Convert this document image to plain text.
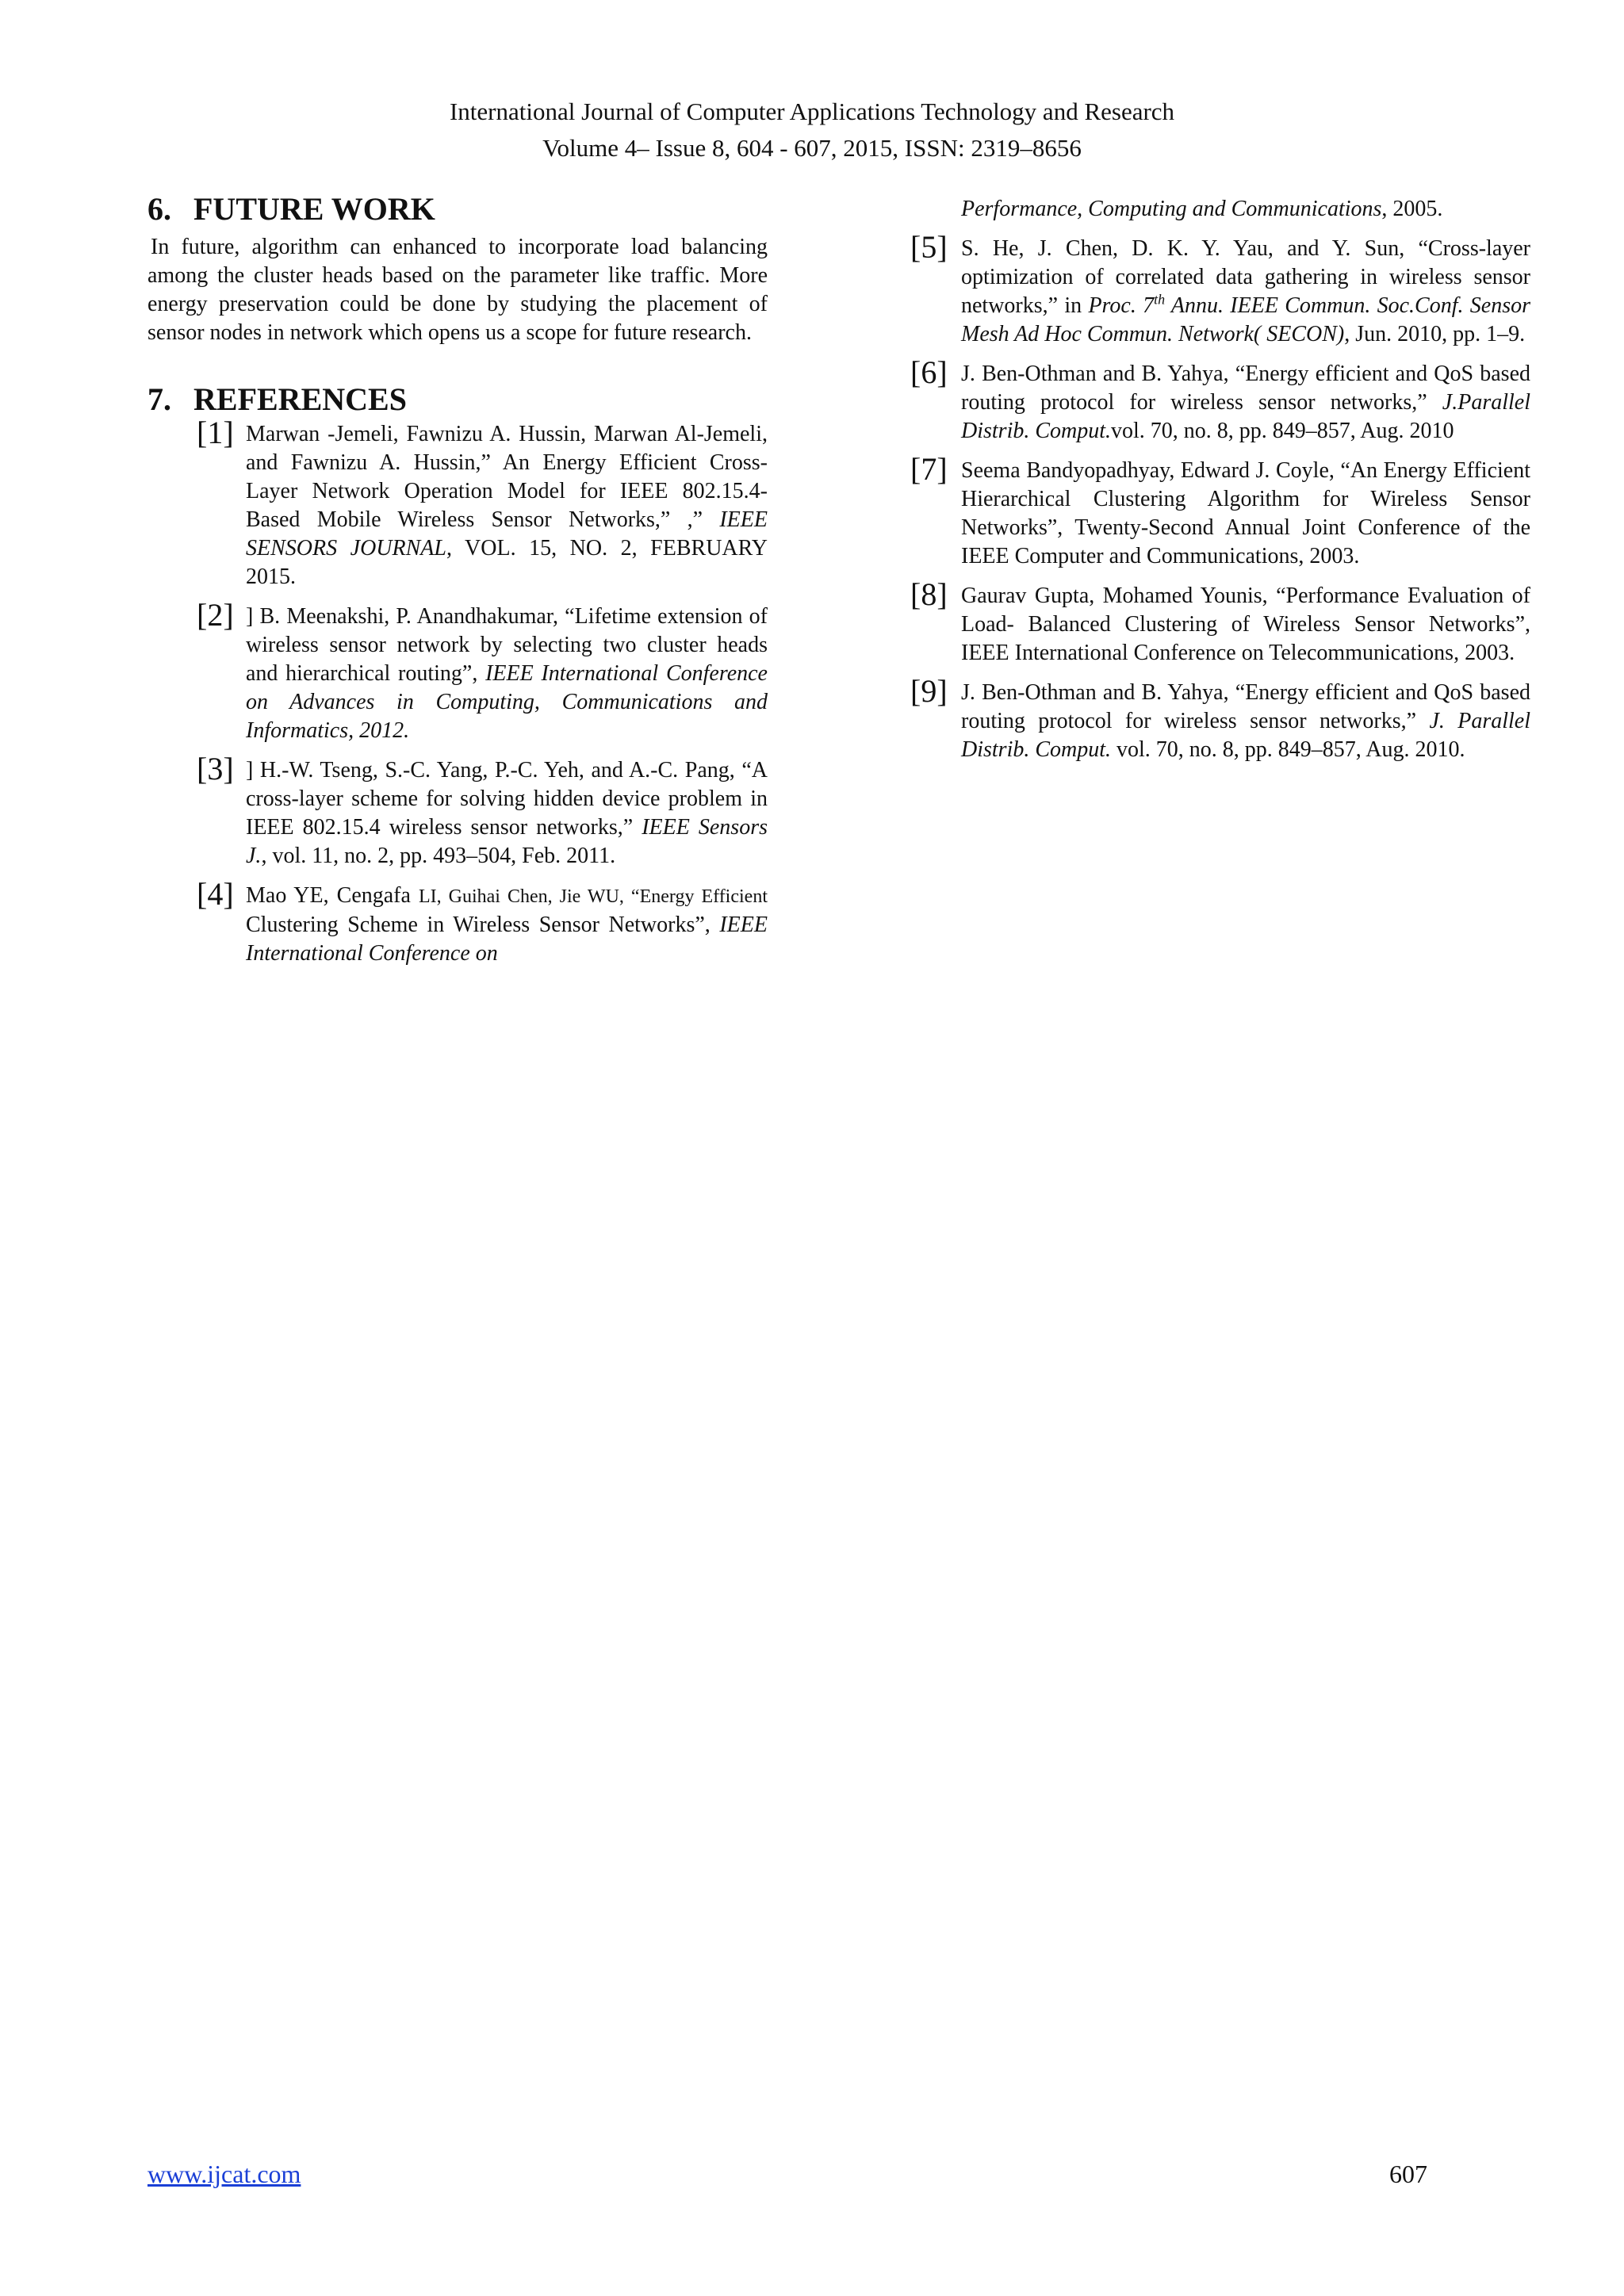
International Journal of Computer Applications Technology and Research
Volume 4– Issue 8, 604 - 607, 2015, ISSN: 2319–8656
6. FUTURE WORK

In future, algorithm can enhanced to incorporate load balancing among the cluster heads based on the parameter like traffic. More energy preservation could be done by studying the placement of sensor nodes in network which opens us a scope for future research.

7. REFERENCES
[1] Marwan -Jemeli, Fawnizu A. Hussin, Marwan Al-Jemeli, and Fawnizu A. Hussin,” An Energy Efficient Cross- Layer Network Operation Model for IEEE 802.15.4- Based Mobile Wireless Sensor Networks,” ,” IEEE SENSORS JOURNAL, VOL. 15, NO. 2, FEBRUARY 2015.
[2] ] B. Meenakshi, P. Anandhakumar, “Lifetime extension of wireless sensor network by selecting two cluster heads and hierarchical routing”, IEEE International Conference on Advances in Computing, Communications and Informatics, 2012.
[3] ] H.-W. Tseng, S.-C. Yang, P.-C. Yeh, and A.-C. Pang, “A cross-layer scheme for solving hidden device problem in IEEE 802.15.4 wireless sensor networks,” IEEE Sensors J., vol. 11, no. 2, pp. 493–504, Feb. 2011.
[4] Mao YE, Cengafa LI, Guihai Chen, Jie WU, “Energy Efficient Clustering Scheme in Wireless Sensor Networks”, IEEE International Conference on
Performance, Computing and Communications, 2005.
[5] S. He, J. Chen, D. K. Y. Yau, and Y. Sun, “Cross-layer optimization of correlated data gathering in wireless sensor networks,” in Proc. 7th Annu. IEEE Commun. Soc.Conf. Sensor Mesh Ad Hoc Commun. Network( SECON), Jun. 2010, pp. 1–9.
[6] J. Ben-Othman and B. Yahya, “Energy efficient and QoS based routing protocol for wireless sensor networks,” J.Parallel Distrib. Comput.vol. 70, no. 8, pp. 849–857, Aug. 2010
[7] Seema Bandyopadhyay, Edward J. Coyle, “An Energy Efficient Hierarchical Clustering Algorithm for Wireless Sensor Networks”, Twenty-Second Annual Joint Conference of the IEEE Computer and Communications, 2003.
[8] Gaurav Gupta, Mohamed Younis, “Performance Evaluation of Load- Balanced Clustering of Wireless Sensor Networks”, IEEE International Conference on Telecommunications, 2003.
[9] J. Ben-Othman and B. Yahya, “Energy efficient and QoS based routing protocol for wireless sensor networks,” J. Parallel Distrib. Comput. vol. 70, no. 8, pp. 849–857, Aug. 2010.
www.ijcat.com	607
